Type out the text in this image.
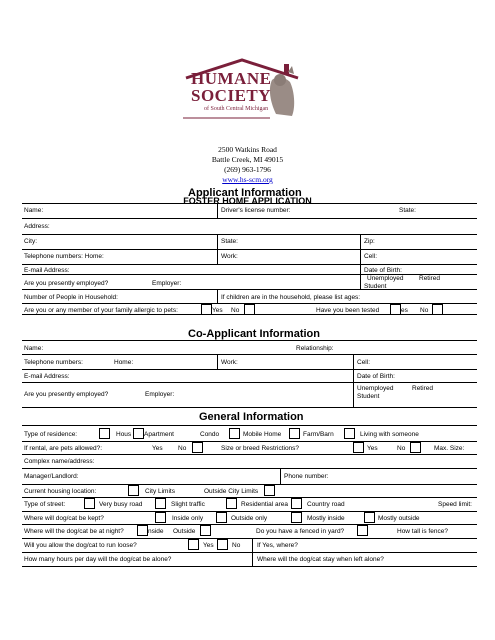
HUMANE
SOCIETY
of South Central Michigan
2500 Watkins Road
Battle Creek, MI 49015
(269) 963-1796
www.hs-scm.org
FOSTER HOME APPLICATION
Applicant Information
Name:	Driver's license number:	State:
Address:
City:	State:	Zip:
Telephone numbers: Home:	Work:	Cell:
E-mail Address:	Date of Birth:
Are you presently employed?	Employer:
Unemployed Retired
Student
Number of People in Household:	If children are in the household, please list ages:
Are you or any member of your family allergic to pets:	Yes No	Have you been tested	es No
Co-Applicant Information
Name:	Relationship:
Telephone numbers:	Home:	Work:	Cell:
E-mail Address:	Date of Birth:
Are you presently employed?	Employer:
Unemployed	Retired
Student
General Information
Type of residence:	Hous Apartment	Condo	Mobile Home	Farm/Barn	Living with someone
If rental, are pets allowed?:	Yes No	Size or breed Restrictions?	Yes	No	Max. Size:
Complex name/address:
Manager/Landlord:	Phone number:
Current housing location:	City Limits	Outside City Limits
Type of street:	Very busy road	Slight traffic	Residential area	Country road	Speed limit:
Where will dog/cat be kept?	Inside only	Outside only	Mostly inside	Mostly outside
Where will the dog/cat be at night?	nside Outside	Do you have a fenced in yard?	How tall is fence?
Will you allow the dog/cat to run loose?	Yes	No	If Yes, where?
How many hours per day will the dog/cat be alone?	Where will the dog/cat stay when left alone?
